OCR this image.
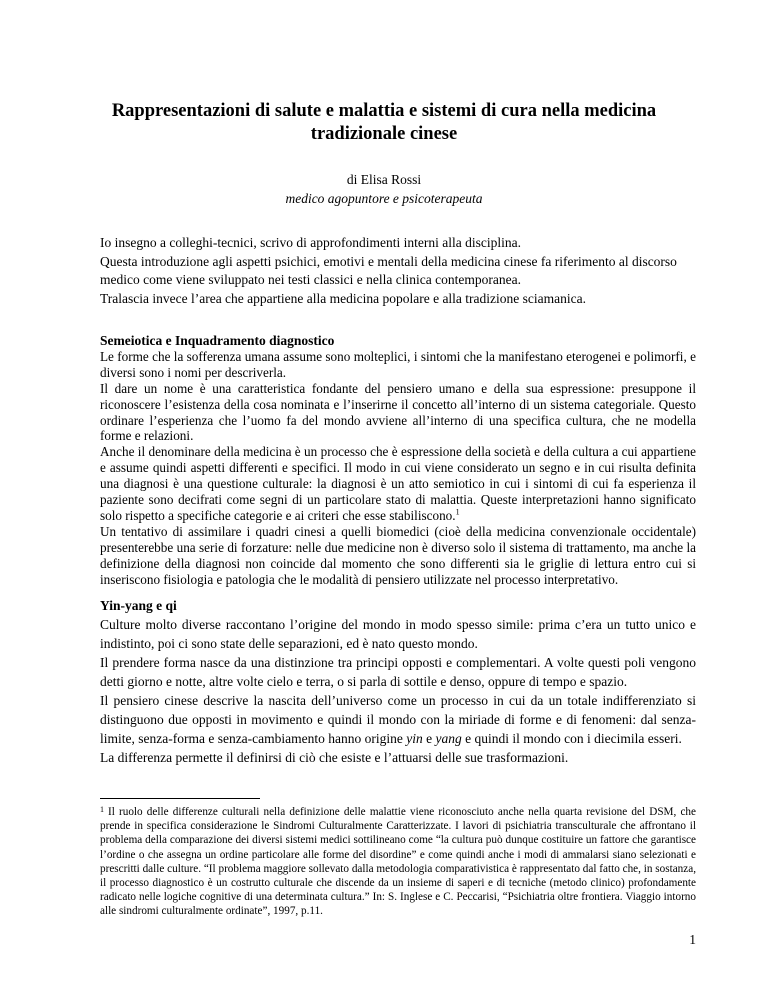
Rappresentazioni di salute e malattia e sistemi di cura nella medicina tradizionale cinese
di Elisa Rossi
medico agopuntore e psicoterapeuta

Io insegno a colleghi-tecnici, scrivo di approfondimenti interni alla disciplina.

Questa introduzione agli aspetti psichici, emotivi e mentali della medicina cinese fa riferimento al discorso

medico come viene sviluppato nei testi classici e nella clinica contemporanea.

Tralascia invece l’area che appartiene alla medicina popolare e alla tradizione sciamanica.

Semeiotica e Inquadramento diagnostico

Le forme che la sofferenza umana assume sono molteplici, i sintomi che la manifestano eterogenei e polimorfi, e diversi sono i nomi per descriverla.

Il dare un nome è una caratteristica fondante del pensiero umano e della sua espressione: presuppone il riconoscere l’esistenza della cosa nominata e l’inserirne il concetto all’interno di un sistema categoriale. Questo ordinare l’esperienza che l’uomo fa del mondo avviene all’interno di una specifica cultura, che ne modella forme e relazioni.

Anche il denominare della medicina è un processo che è espressione della società e della cultura a cui appartiene e assume quindi aspetti differenti e specifici. Il modo in cui viene considerato un segno e in cui risulta definita una diagnosi è una questione culturale: la diagnosi è un atto semiotico in cui i sintomi di cui fa esperienza il paziente sono decifrati come segni di un particolare stato di malattia. Queste interpretazioni hanno significato solo rispetto a specifiche categorie e ai criteri che esse stabiliscono.$^1$

Un tentativo di assimilare i quadri cinesi a quelli biomedici (cioè della medicina convenzionale occidentale) presenterebbe una serie di forzature: nelle due medicine non è diverso solo il sistema di trattamento, ma anche la definizione della diagnosi non coincide dal momento che sono differenti sia le griglie di lettura entro cui si inseriscono fisiologia e patologia che le modalità di pensiero utilizzate nel processo interpretativo.

Yin-yang e qi

Culture molto diverse raccontano l’origine del mondo in modo spesso simile: prima c’era un tutto unico e indistinto, poi ci sono state delle separazioni, ed è nato questo mondo.

Il prendere forma nasce da una distinzione tra principi opposti e complementari. A volte questi poli vengono detti giorno e notte, altre volte cielo e terra, o si parla di sottile e denso, oppure di tempo e spazio.

Il pensiero cinese descrive la nascita dell’universo come un processo in cui da un totale indifferenziato si distinguono due opposti in movimento e quindi il mondo con la miriade di forme e di fenomeni: dal senza-limite, senza-forma e senza-cambiamento hanno origine yin e yang e quindi il mondo con i diecimila esseri.

La differenza permette il definirsi di ciò che esiste e l’attuarsi delle sue trasformazioni.

$^1$ Il ruolo delle differenze culturali nella definizione delle malattie viene riconosciuto anche nella quarta revisione del DSM, che prende in specifica considerazione le Sindromi Culturalmente Caratterizzate. I lavori di psichiatria transculturale che affrontano il problema della comparazione dei diversi sistemi medici sottilineano come “la cultura può dunque costituire un fattore che garantisce l’ordine o che assegna un ordine particolare alle forme del disordine” e come quindi anche i modi di ammalarsi siano selezionati e prescritti dalle culture. “Il problema maggiore sollevato dalla metodologia comparativistica è rappresentato dal fatto che, in sostanza, il processo diagnostico è un costrutto culturale che discende da un insieme di saperi e di tecniche (metodo clinico) profondamente radicato nelle logiche cognitive di una determinata cultura.” In: S. Inglese e C. Peccarisi, “Psichiatria oltre frontiera. Viaggio intorno alle sindromi culturalmente ordinate”, 1997, p.11.

1
